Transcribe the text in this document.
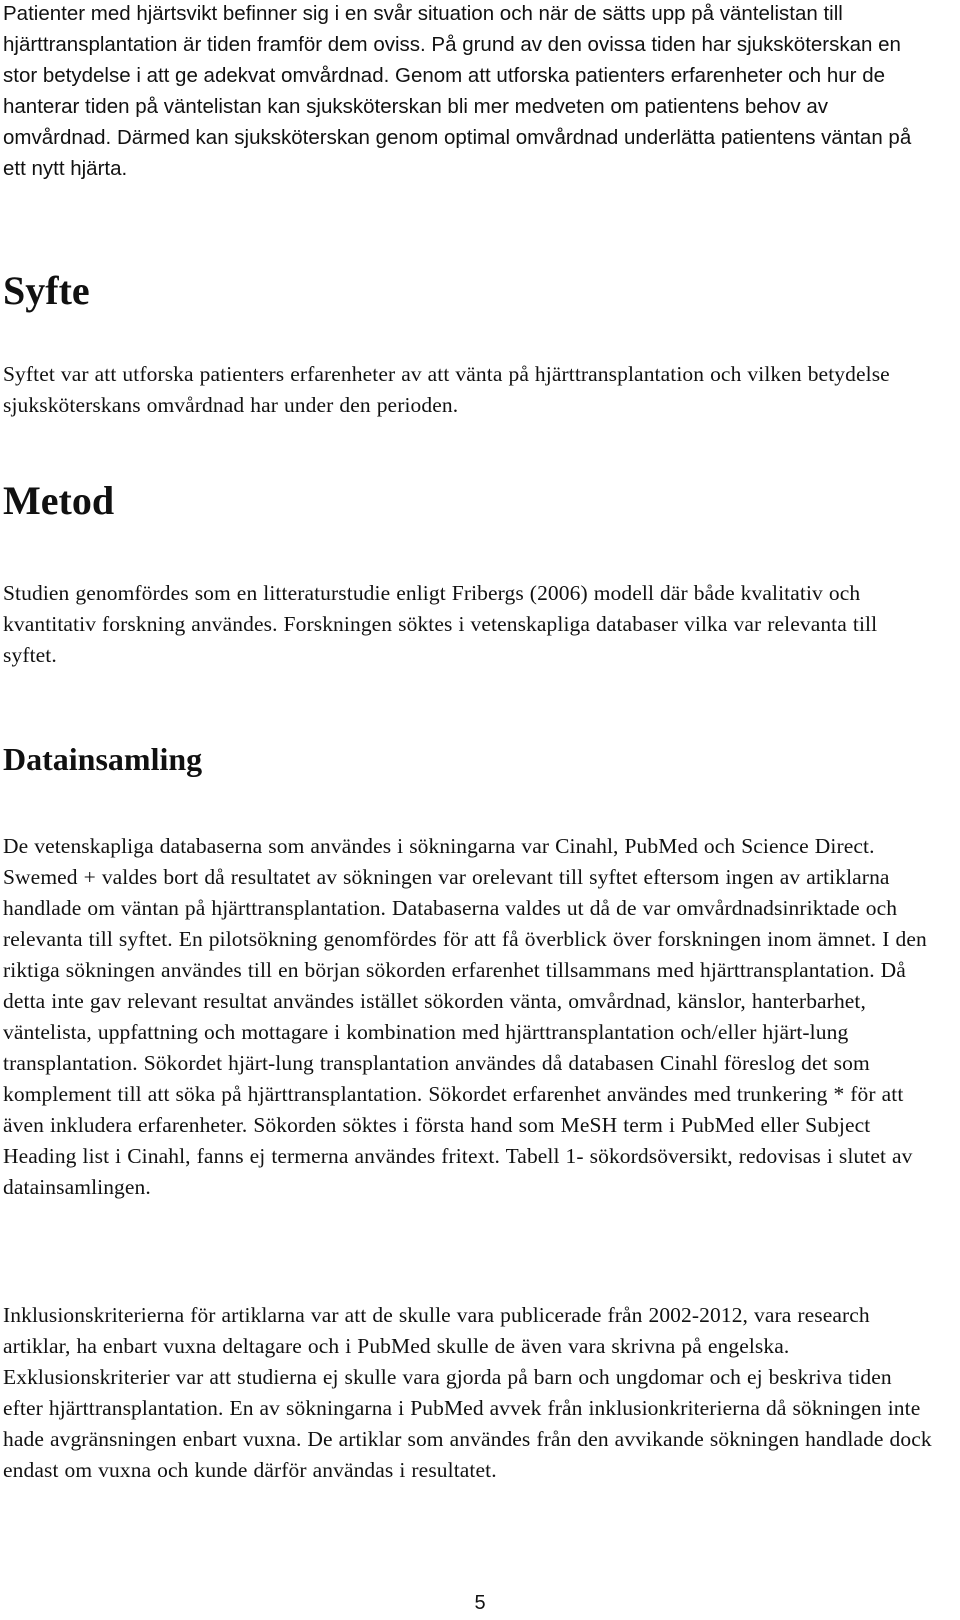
Patienter med hjärtsvikt befinner sig i en svår situation och när de sätts upp på väntelistan till hjärttransplantation är tiden framför dem oviss. På grund av den ovissa tiden har sjuksköterskan en stor betydelse i att ge adekvat omvårdnad. Genom att utforska patienters erfarenheter och hur de hanterar tiden på väntelistan kan sjuksköterskan bli mer medveten om patientens behov av omvårdnad. Därmed kan sjuksköterskan genom optimal omvårdnad underlätta patientens väntan på ett nytt hjärta.

Syfte

Syftet var att utforska patienters erfarenheter av att vänta på hjärttransplantation och vilken betydelse sjuksköterskans omvårdnad har under den perioden.

Metod

Studien genomfördes som en litteraturstudie enligt Fribergs (2006) modell där både kvalitativ och kvantitativ forskning användes. Forskningen söktes i vetenskapliga databaser vilka var relevanta till syftet.

Datainsamling

De vetenskapliga databaserna som användes i sökningarna var Cinahl, PubMed och Science Direct. Swemed + valdes bort då resultatet av sökningen var orelevant till syftet eftersom ingen av artiklarna handlade om väntan på hjärttransplantation. Databaserna valdes ut då de var omvårdnadsinriktade och relevanta till syftet. En pilotsökning genomfördes för att få överblick över forskningen inom ämnet. I den riktiga sökningen användes till en början sökorden erfarenhet tillsammans med hjärttransplantation. Då detta inte gav relevant resultat användes istället sökorden vänta, omvårdnad, känslor, hanterbarhet, väntelista, uppfattning och mottagare i kombination med hjärttransplantation och/eller hjärt-lung transplantation. Sökordet hjärt-lung transplantation användes då databasen Cinahl föreslog det som komplement till att söka på hjärttransplantation. Sökordet erfarenhet användes med trunkering * för att även inkludera erfarenheter. Sökorden söktes i första hand som MeSH term i PubMed eller Subject Heading list i Cinahl, fanns ej termerna användes fritext. Tabell 1- sökordsöversikt, redovisas i slutet av datainsamlingen.

Inklusionskriterierna för artiklarna var att de skulle vara publicerade från 2002-2012, vara research artiklar, ha enbart vuxna deltagare och i PubMed skulle de även vara skrivna på engelska. Exklusionskriterier var att studierna ej skulle vara gjorda på barn och ungdomar och ej beskriva tiden efter hjärttransplantation. En av sökningarna i PubMed avvek från inklusionkriterierna då sökningen inte hade avgränsningen enbart vuxna. De artiklar som användes från den avvikande sökningen handlade dock endast om vuxna och kunde därför användas i resultatet.

5
